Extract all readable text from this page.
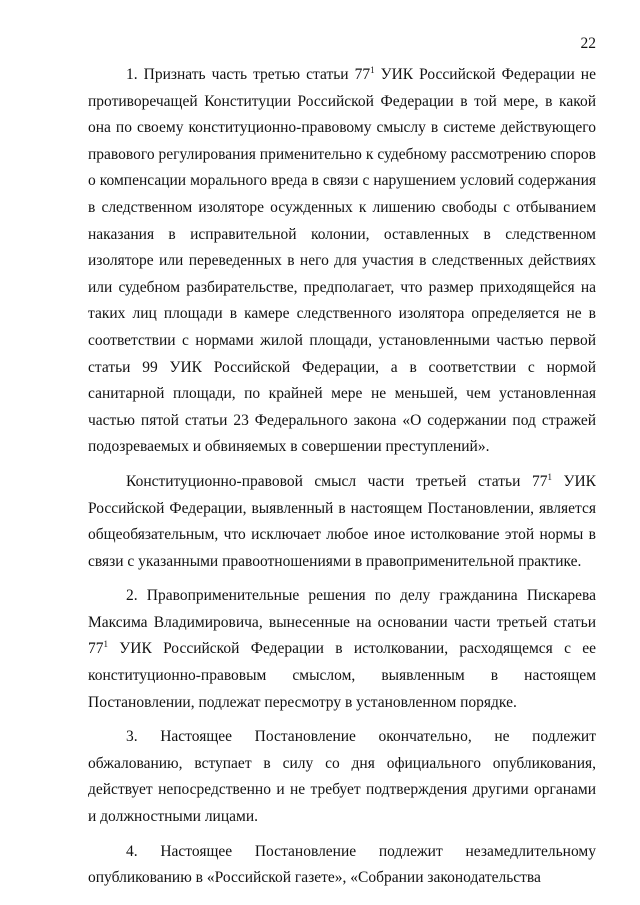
22

1. Признать часть третью статьи $77^1$ УИК Российской Федерации не противоречащей Конституции Российской Федерации в той мере, в какой она по своему конституционно-правовому смыслу в системе действующего правового регулирования применительно к судебному рассмотрению споров о компенсации морального вреда в связи с нарушением условий содержания в следственном изоляторе осужденных к лишению свободы с отбыванием наказания в исправительной колонии, оставленных в следственном изоляторе или переведенных в него для участия в следственных действиях или судебном разбирательстве, предполагает, что размер приходящейся на таких лиц площади в камере следственного изолятора определяется не в соответствии с нормами жилой площади, установленными частью первой статьи 99 УИК Российской Федерации, а в соответствии с нормой санитарной площади, по крайней мере не меньшей, чем установленная частью пятой статьи 23 Федерального закона «О содержании под стражей подозреваемых и обвиняемых в совершении преступлений».

Конституционно-правовой смысл части третьей статьи $77^1$ УИК Российской Федерации, выявленный в настоящем Постановлении, является общеобязательным, что исключает любое иное истолкование этой нормы в связи с указанными правоотношениями в правоприменительной практике.

2. Правоприменительные решения по делу гражданина Пискарева Максима Владимировича, вынесенные на основании части третьей статьи $77^1$ УИК Российской Федерации в истолковании, расходящемся с ее конституционно-правовым смыслом, выявленным в настоящем Постановлении, подлежат пересмотру в установленном порядке.

3. Настоящее Постановление окончательно, не подлежит обжалованию, вступает в силу со дня официального опубликования, действует непосредственно и не требует подтверждения другими органами и должностными лицами.

4. Настоящее Постановление подлежит незамедлительному опубликованию в «Российской газете», «Собрании законодательства
